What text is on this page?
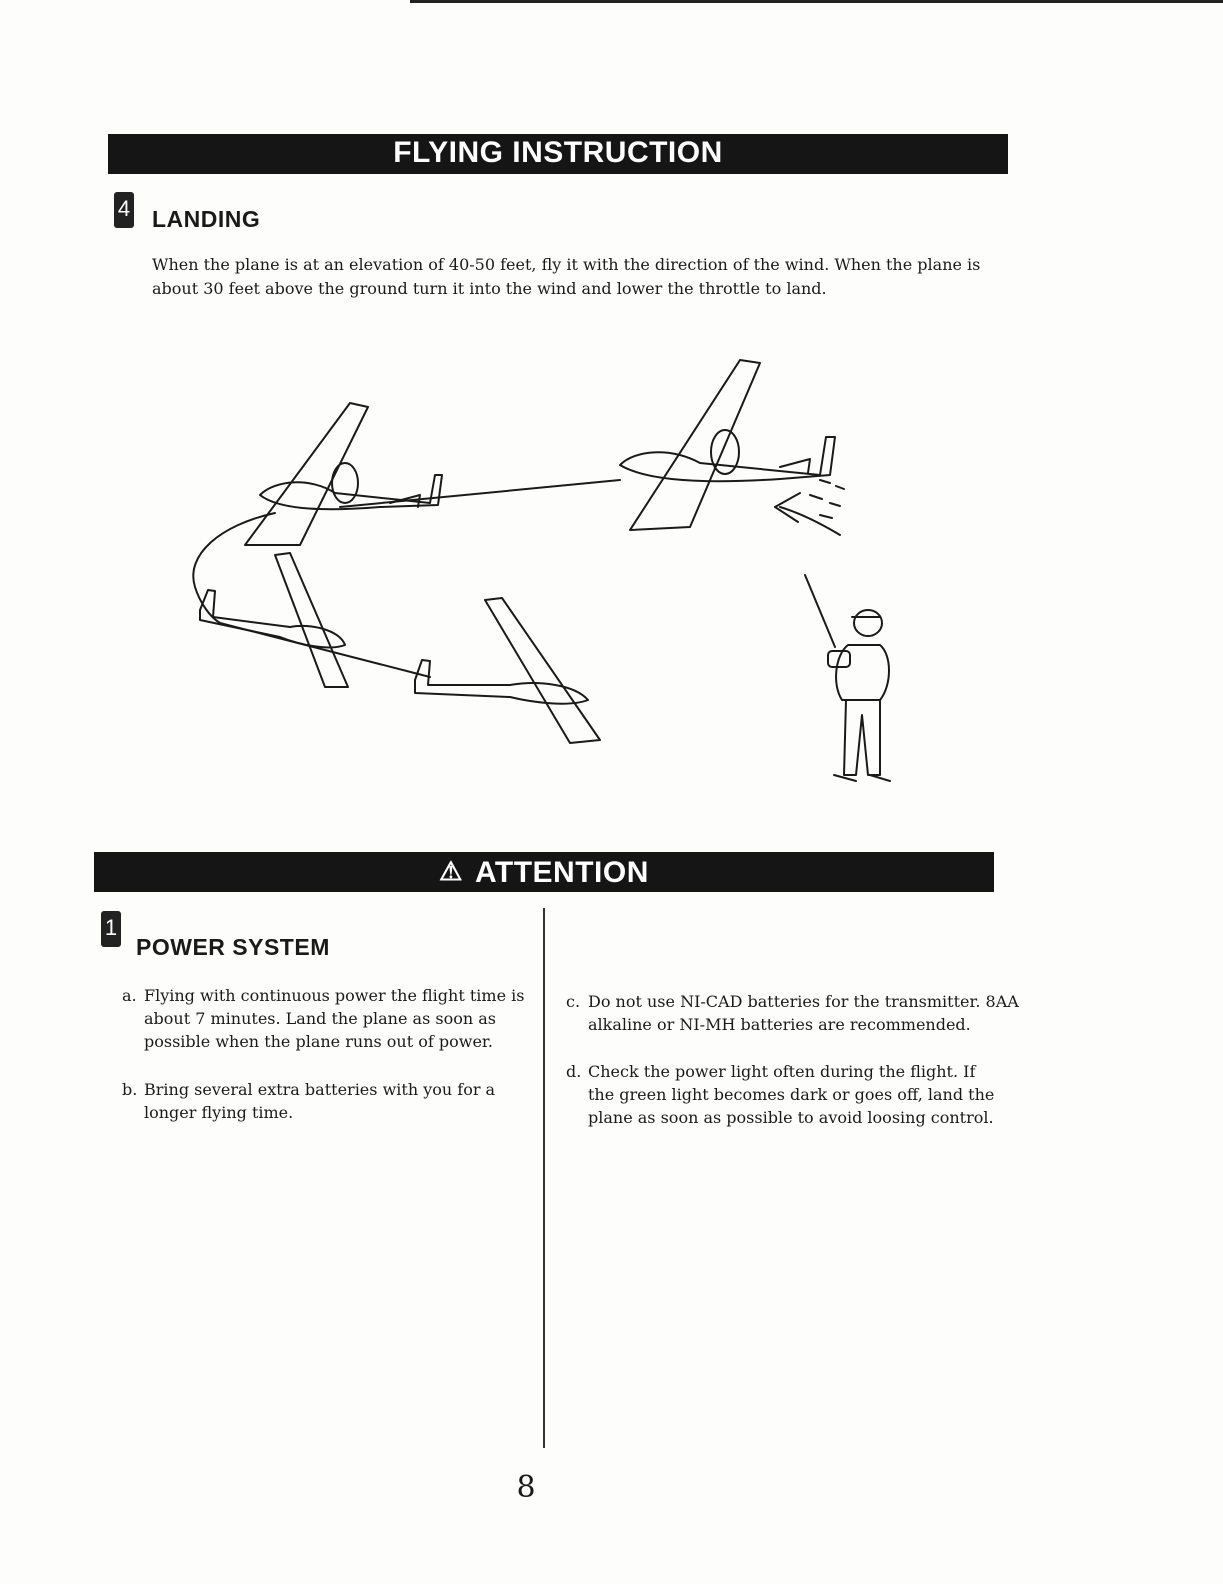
FLYING INSTRUCTION
4 LANDING

When the plane is at an elevation of 40-50 feet, fly it with the direction of the wind. When the plane is about 30 feet above the ground turn it into the wind and lower the throttle to land.

⚠ ATTENTION
1
POWER SYSTEM
a. Flying with continuous power the flight time is about 7 minutes. Land the plane as soon as possible when the plane runs out of power.
b. Bring several extra batteries with you for a longer flying time.
c. Do not use NI-CAD batteries for the transmitter. 8AA alkaline or NI-MH batteries are recommended.
d. Check the power light often during the flight. If the green light becomes dark or goes off, land the plane as soon as possible to avoid loosing control.
8
